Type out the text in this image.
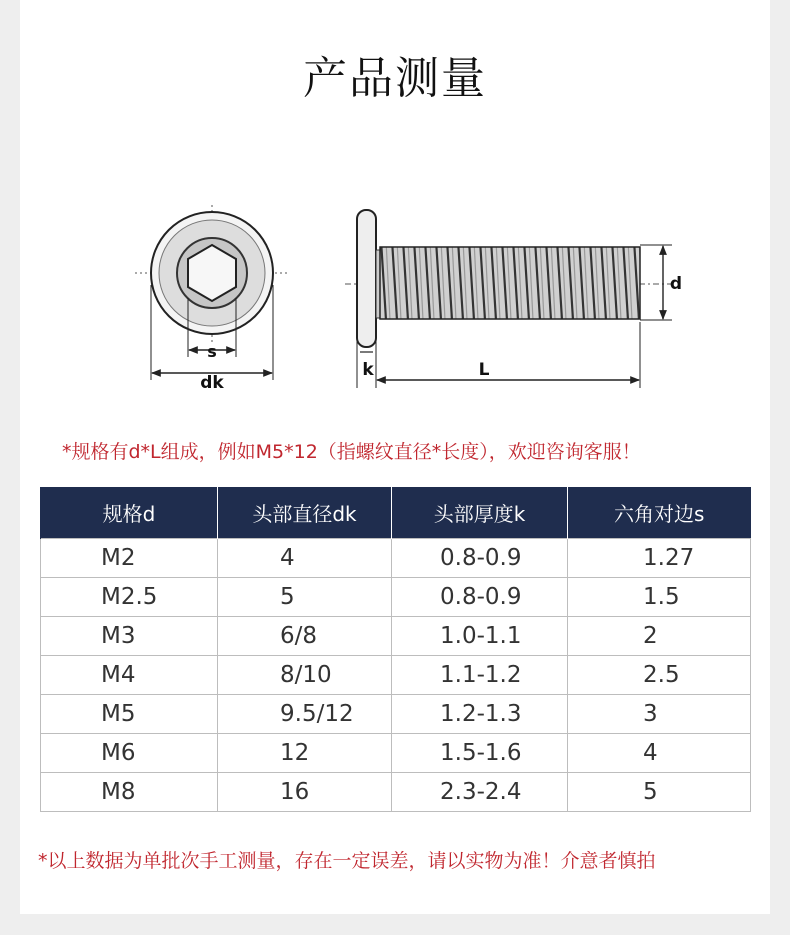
产品测量
s
dk
k	L
d
*规格有d*L组成，例如M5*12（指螺纹直径*长度），欢迎咨询客服！
规格d	头部直径dk	头部厚度k	六角对边s
M2	4	0.8-0.9	1.27
M2.5	5	0.8-0.9	1.5
M3	6/8	1.0-1.1	2
M4	8/10	1.1-1.2	2.5
M5	9.5/12	1.2-1.3	3
M6	12	1.5-1.6	4
M8	16	2.3-2.4	5
*以上数据为单批次手工测量，存在一定误差，请以实物为准！介意者慎拍
